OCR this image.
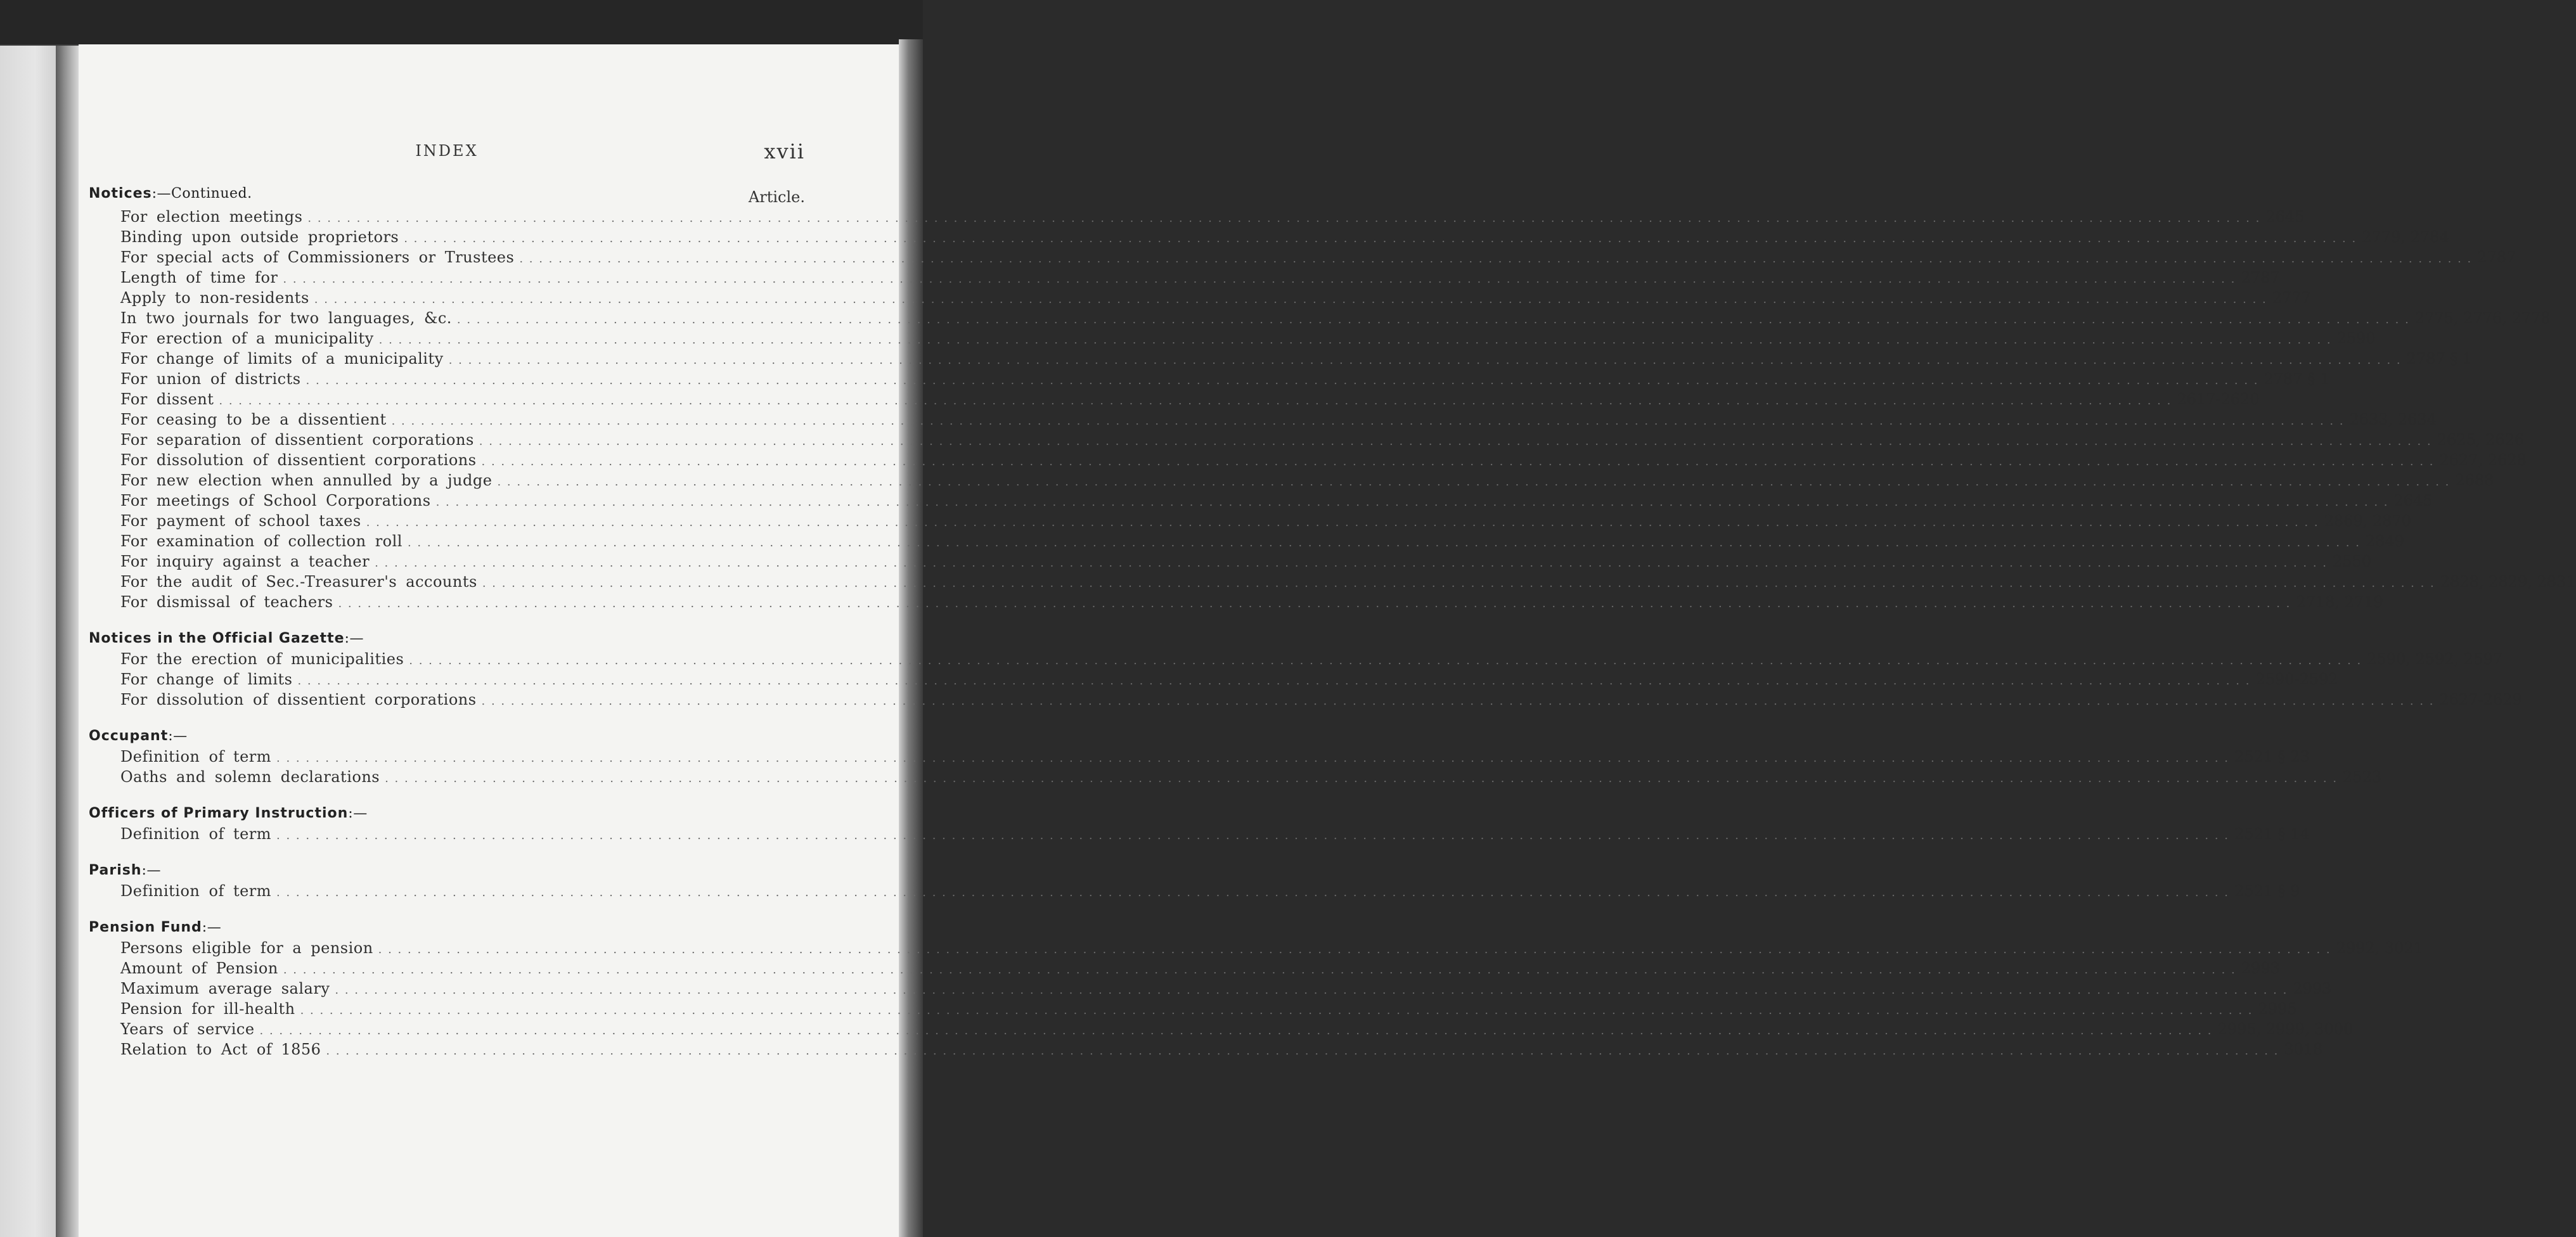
INDEX	xvii
Notices:—Continued.	Article.
For election meetings . . . . . . . . . . . . . . . . . . . . . . . . . . . . . . . . . . . . . . . . . . . . . . . . . . . . . . . . . . . . . . . . . . . . . . . . . . . . . . . . . . . . . . . . . . . . . . . . . . . . . . . . . . . . . . . . . . . . . . . . . . . . . . . . . . . . . . . . . . . . . . . . . . . . . . . . . . . . . . . . . . . . . . . . . . . . . . . . . . . . . . . . . . . . . . . . . . . . . . . . 2645
Binding upon outside proprietors . . . . . . . . . . . . . . . . . . . . . . . . . . . . . . . . . . . . . . . . . . . . . . . . . . . . . . . . . . . . . . . . . . . . . . . . . . . . . . . . . . . . . . . . . . . . . . . . . . . . . . . . . . . . . . . . . . . . . . . . . . . . . . . . . . . . . . . . . . . . . . . . . . . . . . . . . . . . . . . . . . . . . . . . . . . . . . . . . . . . . . . . . . . . . . . . . . . . . . . . 2779, 2784
For special acts of Commissioners or Trustees . . . . . . . . . . . . . . . . . . . . . . . . . . . . . . . . . . . . . . . . . . . . . . . . . . . . . . . . . . . . . . . . . . . . . . . . . . . . . . . . . . . . . . . . . . . . . . . . . . . . . . . . . . . . . . . . . . . . . . . . . . . . . . . . . . . . . . . . . . . . . . . . . . . . . . . . . . . . . . . . . . . . . . . . . . . . . . . . . . . . . . . . . . . . . . . . . . . . . . . . 2787
Length of time for . . . . . . . . . . . . . . . . . . . . . . . . . . . . . . . . . . . . . . . . . . . . . . . . . . . . . . . . . . . . . . . . . . . . . . . . . . . . . . . . . . . . . . . . . . . . . . . . . . . . . . . . . . . . . . . . . . . . . . . . . . . . . . . . . . . . . . . . . . . . . . . . . . . . . . . . . . . . . . . . . . . . . . . . . . . . . . . . . . . . . . . . . . . . . . . . . . . . . . . . 2787
Apply to non-residents . . . . . . . . . . . . . . . . . . . . . . . . . . . . . . . . . . . . . . . . . . . . . . . . . . . . . . . . . . . . . . . . . . . . . . . . . . . . . . . . . . . . . . . . . . . . . . . . . . . . . . . . . . . . . . . . . . . . . . . . . . . . . . . . . . . . . . . . . . . . . . . . . . . . . . . . . . . . . . . . . . . . . . . . . . . . . . . . . . . . . . . . . . . . . . . . . . . . . . . . 2777
In two journals for two languages, &c. . . . . . . . . . . . . . . . . . . . . . . . . . . . . . . . . . . . . . . . . . . . . . . . . . . . . . . . . . . . . . . . . . . . . . . . . . . . . . . . . . . . . . . . . . . . . . . . . . . . . . . . . . . . . . . . . . . . . . . . . . . . . . . . . . . . . . . . . . . . . . . . . . . . . . . . . . . . . . . . . . . . . . . . . . . . . . . . . . . . . . . . . . . . . . . . . . . . . . . . . 2775, 2776, 2778
For erection of a municipality . . . . . . . . . . . . . . . . . . . . . . . . . . . . . . . . . . . . . . . . . . . . . . . . . . . . . . . . . . . . . . . . . . . . . . . . . . . . . . . . . . . . . . . . . . . . . . . . . . . . . . . . . . . . . . . . . . . . . . . . . . . . . . . . . . . . . . . . . . . . . . . . . . . . . . . . . . . . . . . . . . . . . . . . . . . . . . . . . . . . . . . . . . . . . . . . . . . . . . . . 2590
For change of limits of a municipality . . . . . . . . . . . . . . . . . . . . . . . . . . . . . . . . . . . . . . . . . . . . . . . . . . . . . . . . . . . . . . . . . . . . . . . . . . . . . . . . . . . . . . . . . . . . . . . . . . . . . . . . . . . . . . . . . . . . . . . . . . . . . . . . . . . . . . . . . . . . . . . . . . . . . . . . . . . . . . . . . . . . . . . . . . . . . . . . . . . . . . . . . . . . . . . . . . . . . . . . 2787 § 1
For union of districts . . . . . . . . . . . . . . . . . . . . . . . . . . . . . . . . . . . . . . . . . . . . . . . . . . . . . . . . . . . . . . . . . . . . . . . . . . . . . . . . . . . . . . . . . . . . . . . . . . . . . . . . . . . . . . . . . . . . . . . . . . . . . . . . . . . . . . . . . . . . . . . . . . . . . . . . . . . . . . . . . . . . . . . . . . . . . . . . . . . . . . . . . . . . . . . . . . . . . . . . 2787 § 1
For dissent . . . . . . . . . . . . . . . . . . . . . . . . . . . . . . . . . . . . . . . . . . . . . . . . . . . . . . . . . . . . . . . . . . . . . . . . . . . . . . . . . . . . . . . . . . . . . . . . . . . . . . . . . . . . . . . . . . . . . . . . . . . . . . . . . . . . . . . . . . . . . . . . . . . . . . . . . . . . . . . . . . . . . . . . . . . . . . . . . . . . . . . . . . . . . . . . . . . . . . . . 2617-2620
For ceasing to be a dissentient . . . . . . . . . . . . . . . . . . . . . . . . . . . . . . . . . . . . . . . . . . . . . . . . . . . . . . . . . . . . . . . . . . . . . . . . . . . . . . . . . . . . . . . . . . . . . . . . . . . . . . . . . . . . . . . . . . . . . . . . . . . . . . . . . . . . . . . . . . . . . . . . . . . . . . . . . . . . . . . . . . . . . . . . . . . . . . . . . . . . . . . . . . . . . . . . . . . . . . . . 2633, 2634
For separation of dissentient corporations . . . . . . . . . . . . . . . . . . . . . . . . . . . . . . . . . . . . . . . . . . . . . . . . . . . . . . . . . . . . . . . . . . . . . . . . . . . . . . . . . . . . . . . . . . . . . . . . . . . . . . . . . . . . . . . . . . . . . . . . . . . . . . . . . . . . . . . . . . . . . . . . . . . . . . . . . . . . . . . . . . . . . . . . . . . . . . . . . . . . . . . . . . . . . . . . . . . . . . . . 2625, 2626
For dissolution of dissentient corporations . . . . . . . . . . . . . . . . . . . . . . . . . . . . . . . . . . . . . . . . . . . . . . . . . . . . . . . . . . . . . . . . . . . . . . . . . . . . . . . . . . . . . . . . . . . . . . . . . . . . . . . . . . . . . . . . . . . . . . . . . . . . . . . . . . . . . . . . . . . . . . . . . . . . . . . . . . . . . . . . . . . . . . . . . . . . . . . . . . . . . . . . . . . . . . . . . . . . . . . . 2627, 2628
For new election when annulled by a judge . . . . . . . . . . . . . . . . . . . . . . . . . . . . . . . . . . . . . . . . . . . . . . . . . . . . . . . . . . . . . . . . . . . . . . . . . . . . . . . . . . . . . . . . . . . . . . . . . . . . . . . . . . . . . . . . . . . . . . . . . . . . . . . . . . . . . . . . . . . . . . . . . . . . . . . . . . . . . . . . . . . . . . . . . . . . . . . . . . . . . . . . . . . . . . . . . . . . . . . . 2688
For meetings of School Corporations . . . . . . . . . . . . . . . . . . . . . . . . . . . . . . . . . . . . . . . . . . . . . . . . . . . . . . . . . . . . . . . . . . . . . . . . . . . . . . . . . . . . . . . . . . . . . . . . . . . . . . . . . . . . . . . . . . . . . . . . . . . . . . . . . . . . . . . . . . . . . . . . . . . . . . . . . . . . . . . . . . . . . . . . . . . . . . . . . . . . . . . . . . . . . . . . . . . . . . . . 2645
For payment of school taxes . . . . . . . . . . . . . . . . . . . . . . . . . . . . . . . . . . . . . . . . . . . . . . . . . . . . . . . . . . . . . . . . . . . . . . . . . . . . . . . . . . . . . . . . . . . . . . . . . . . . . . . . . . . . . . . . . . . . . . . . . . . . . . . . . . . . . . . . . . . . . . . . . . . . . . . . . . . . . . . . . . . . . . . . . . . . . . . . . . . . . . . . . . . . . . . . . . . . . . . . 2869, 2870
For examination of collection roll . . . . . . . . . . . . . . . . . . . . . . . . . . . . . . . . . . . . . . . . . . . . . . . . . . . . . . . . . . . . . . . . . . . . . . . . . . . . . . . . . . . . . . . . . . . . . . . . . . . . . . . . . . . . . . . . . . . . . . . . . . . . . . . . . . . . . . . . . . . . . . . . . . . . . . . . . . . . . . . . . . . . . . . . . . . . . . . . . . . . . . . . . . . . . . . . . . . . . . . . 2849
For inquiry against a teacher . . . . . . . . . . . . . . . . . . . . . . . . . . . . . . . . . . . . . . . . . . . . . . . . . . . . . . . . . . . . . . . . . . . . . . . . . . . . . . . . . . . . . . . . . . . . . . . . . . . . . . . . . . . . . . . . . . . . . . . . . . . . . . . . . . . . . . . . . . . . . . . . . . . . . . . . . . . . . . . . . . . . . . . . . . . . . . . . . . . . . . . . . . . . . . . . . . . . . . . . 2550
For the audit of Sec.-Treasurer's accounts . . . . . . . . . . . . . . . . . . . . . . . . . . . . . . . . . . . . . . . . . . . . . . . . . . . . . . . . . . . . . . . . . . . . . . . . . . . . . . . . . . . . . . . . . . . . . . . . . . . . . . . . . . . . . . . . . . . . . . . . . . . . . . . . . . . . . . . . . . . . . . . . . . . . . . . . . . . . . . . . . . . . . . . . . . . . . . . . . . . . . . . . . . . . . . . . . . . . . . . . 2828, 2829, 2831
For dismissal of teachers . . . . . . . . . . . . . . . . . . . . . . . . . . . . . . . . . . . . . . . . . . . . . . . . . . . . . . . . . . . . . . . . . . . . . . . . . . . . . . . . . . . . . . . . . . . . . . . . . . . . . . . . . . . . . . . . . . . . . . . . . . . . . . . . . . . . . . . . . . . . . . . . . . . . . . . . . . . . . . . . . . . . . . . . . . . . . . . . . . . . . . . . . . . . . . . . . . . . . . . . 2718, 2719
Notices in the Official Gazette:—
For the erection of municipalities . . . . . . . . . . . . . . . . . . . . . . . . . . . . . . . . . . . . . . . . . . . . . . . . . . . . . . . . . . . . . . . . . . . . . . . . . . . . . . . . . . . . . . . . . . . . . . . . . . . . . . . . . . . . . . . . . . . . . . . . . . . . . . . . . . . . . . . . . . . . . . . . . . . . . . . . . . . . . . . . . . . . . . . . . . . . . . . . . . . . . . . . . . . . . . . . . . . . . . . . 2590, 2592, 2597
For change of limits . . . . . . . . . . . . . . . . . . . . . . . . . . . . . . . . . . . . . . . . . . . . . . . . . . . . . . . . . . . . . . . . . . . . . . . . . . . . . . . . . . . . . . . . . . . . . . . . . . . . . . . . . . . . . . . . . . . . . . . . . . . . . . . . . . . . . . . . . . . . . . . . . . . . . . . . . . . . . . . . . . . . . . . . . . . . . . . . . . . . . . . . . . . . . . . . . . . . . . . . 2590-2592
For dissolution of dissentient corporations . . . . . . . . . . . . . . . . . . . . . . . . . . . . . . . . . . . . . . . . . . . . . . . . . . . . . . . . . . . . . . . . . . . . . . . . . . . . . . . . . . . . . . . . . . . . . . . . . . . . . . . . . . . . . . . . . . . . . . . . . . . . . . . . . . . . . . . . . . . . . . . . . . . . . . . . . . . . . . . . . . . . . . . . . . . . . . . . . . . . . . . . . . . . . . . . . . . . . . . . 2627-2629
Occupant:—
Definition of term . . . . . . . . . . . . . . . . . . . . . . . . . . . . . . . . . . . . . . . . . . . . . . . . . . . . . . . . . . . . . . . . . . . . . . . . . . . . . . . . . . . . . . . . . . . . . . . . . . . . . . . . . . . . . . . . . . . . . . . . . . . . . . . . . . . . . . . . . . . . . . . . . . . . . . . . . . . . . . . . . . . . . . . . . . . . . . . . . . . . . . . . . . . . . . . . . . . . . . . . 2521 § 23
Oaths and solemn declarations . . . . . . . . . . . . . . . . . . . . . . . . . . . . . . . . . . . . . . . . . . . . . . . . . . . . . . . . . . . . . . . . . . . . . . . . . . . . . . . . . . . . . . . . . . . . . . . . . . . . . . . . . . . . . . . . . . . . . . . . . . . . . . . . . . . . . . . . . . . . . . . . . . . . . . . . . . . . . . . . . . . . . . . . . . . . . . . . . . . . . . . . . . . . . . . . . . . . . . . . 2523
Officers of Primary Instruction:—
Definition of term . . . . . . . . . . . . . . . . . . . . . . . . . . . . . . . . . . . . . . . . . . . . . . . . . . . . . . . . . . . . . . . . . . . . . . . . . . . . . . . . . . . . . . . . . . . . . . . . . . . . . . . . . . . . . . . . . . . . . . . . . . . . . . . . . . . . . . . . . . . . . . . . . . . . . . . . . . . . . . . . . . . . . . . . . . . . . . . . . . . . . . . . . . . . . . . . . . . . . . . . 2521 § 14
Parish:—
Definition of term . . . . . . . . . . . . . . . . . . . . . . . . . . . . . . . . . . . . . . . . . . . . . . . . . . . . . . . . . . . . . . . . . . . . . . . . . . . . . . . . . . . . . . . . . . . . . . . . . . . . . . . . . . . . . . . . . . . . . . . . . . . . . . . . . . . . . . . . . . . . . . . . . . . . . . . . . . . . . . . . . . . . . . . . . . . . . . . . . . . . . . . . . . . . . . . . . . . . . . . . 2521 § 9
Pension Fund:—
Persons eligible for a pension . . . . . . . . . . . . . . . . . . . . . . . . . . . . . . . . . . . . . . . . . . . . . . . . . . . . . . . . . . . . . . . . . . . . . . . . . . . . . . . . . . . . . . . . . . . . . . . . . . . . . . . . . . . . . . . . . . . . . . . . . . . . . . . . . . . . . . . . . . . . . . . . . . . . . . . . . . . . . . . . . . . . . . . . . . . . . . . . . . . . . . . . . . . . . . . . . . . . . . . . 2992, 3021
Amount of Pension . . . . . . . . . . . . . . . . . . . . . . . . . . . . . . . . . . . . . . . . . . . . . . . . . . . . . . . . . . . . . . . . . . . . . . . . . . . . . . . . . . . . . . . . . . . . . . . . . . . . . . . . . . . . . . . . . . . . . . . . . . . . . . . . . . . . . . . . . . . . . . . . . . . . . . . . . . . . . . . . . . . . . . . . . . . . . . . . . . . . . . . . . . . . . . . . . . . . . . . . 2993
Maximum average salary . . . . . . . . . . . . . . . . . . . . . . . . . . . . . . . . . . . . . . . . . . . . . . . . . . . . . . . . . . . . . . . . . . . . . . . . . . . . . . . . . . . . . . . . . . . . . . . . . . . . . . . . . . . . . . . . . . . . . . . . . . . . . . . . . . . . . . . . . . . . . . . . . . . . . . . . . . . . . . . . . . . . . . . . . . . . . . . . . . . . . . . . . . . . . . . . . . . . . . . . 2993
Pension for ill-health . . . . . . . . . . . . . . . . . . . . . . . . . . . . . . . . . . . . . . . . . . . . . . . . . . . . . . . . . . . . . . . . . . . . . . . . . . . . . . . . . . . . . . . . . . . . . . . . . . . . . . . . . . . . . . . . . . . . . . . . . . . . . . . . . . . . . . . . . . . . . . . . . . . . . . . . . . . . . . . . . . . . . . . . . . . . . . . . . . . . . . . . . . . . . . . . . . . . . . . . 2995
Years of service . . . . . . . . . . . . . . . . . . . . . . . . . . . . . . . . . . . . . . . . . . . . . . . . . . . . . . . . . . . . . . . . . . . . . . . . . . . . . . . . . . . . . . . . . . . . . . . . . . . . . . . . . . . . . . . . . . . . . . . . . . . . . . . . . . . . . . . . . . . . . . . . . . . . . . . . . . . . . . . . . . . . . . . . . . . . . . . . . . . . . . . . . . . . . . . . . . . . . . . . 2995, 2999, 3000
Relation to Act of 1856 . . . . . . . . . . . . . . . . . . . . . . . . . . . . . . . . . . . . . . . . . . . . . . . . . . . . . . . . . . . . . . . . . . . . . . . . . . . . . . . . . . . . . . . . . . . . . . . . . . . . . . . . . . . . . . . . . . . . . . . . . . . . . . . . . . . . . . . . . . . . . . . . . . . . . . . . . . . . . . . . . . . . . . . . . . . . . . . . . . . . . . . . . . . . . . . . . . . . . . . . 3018
